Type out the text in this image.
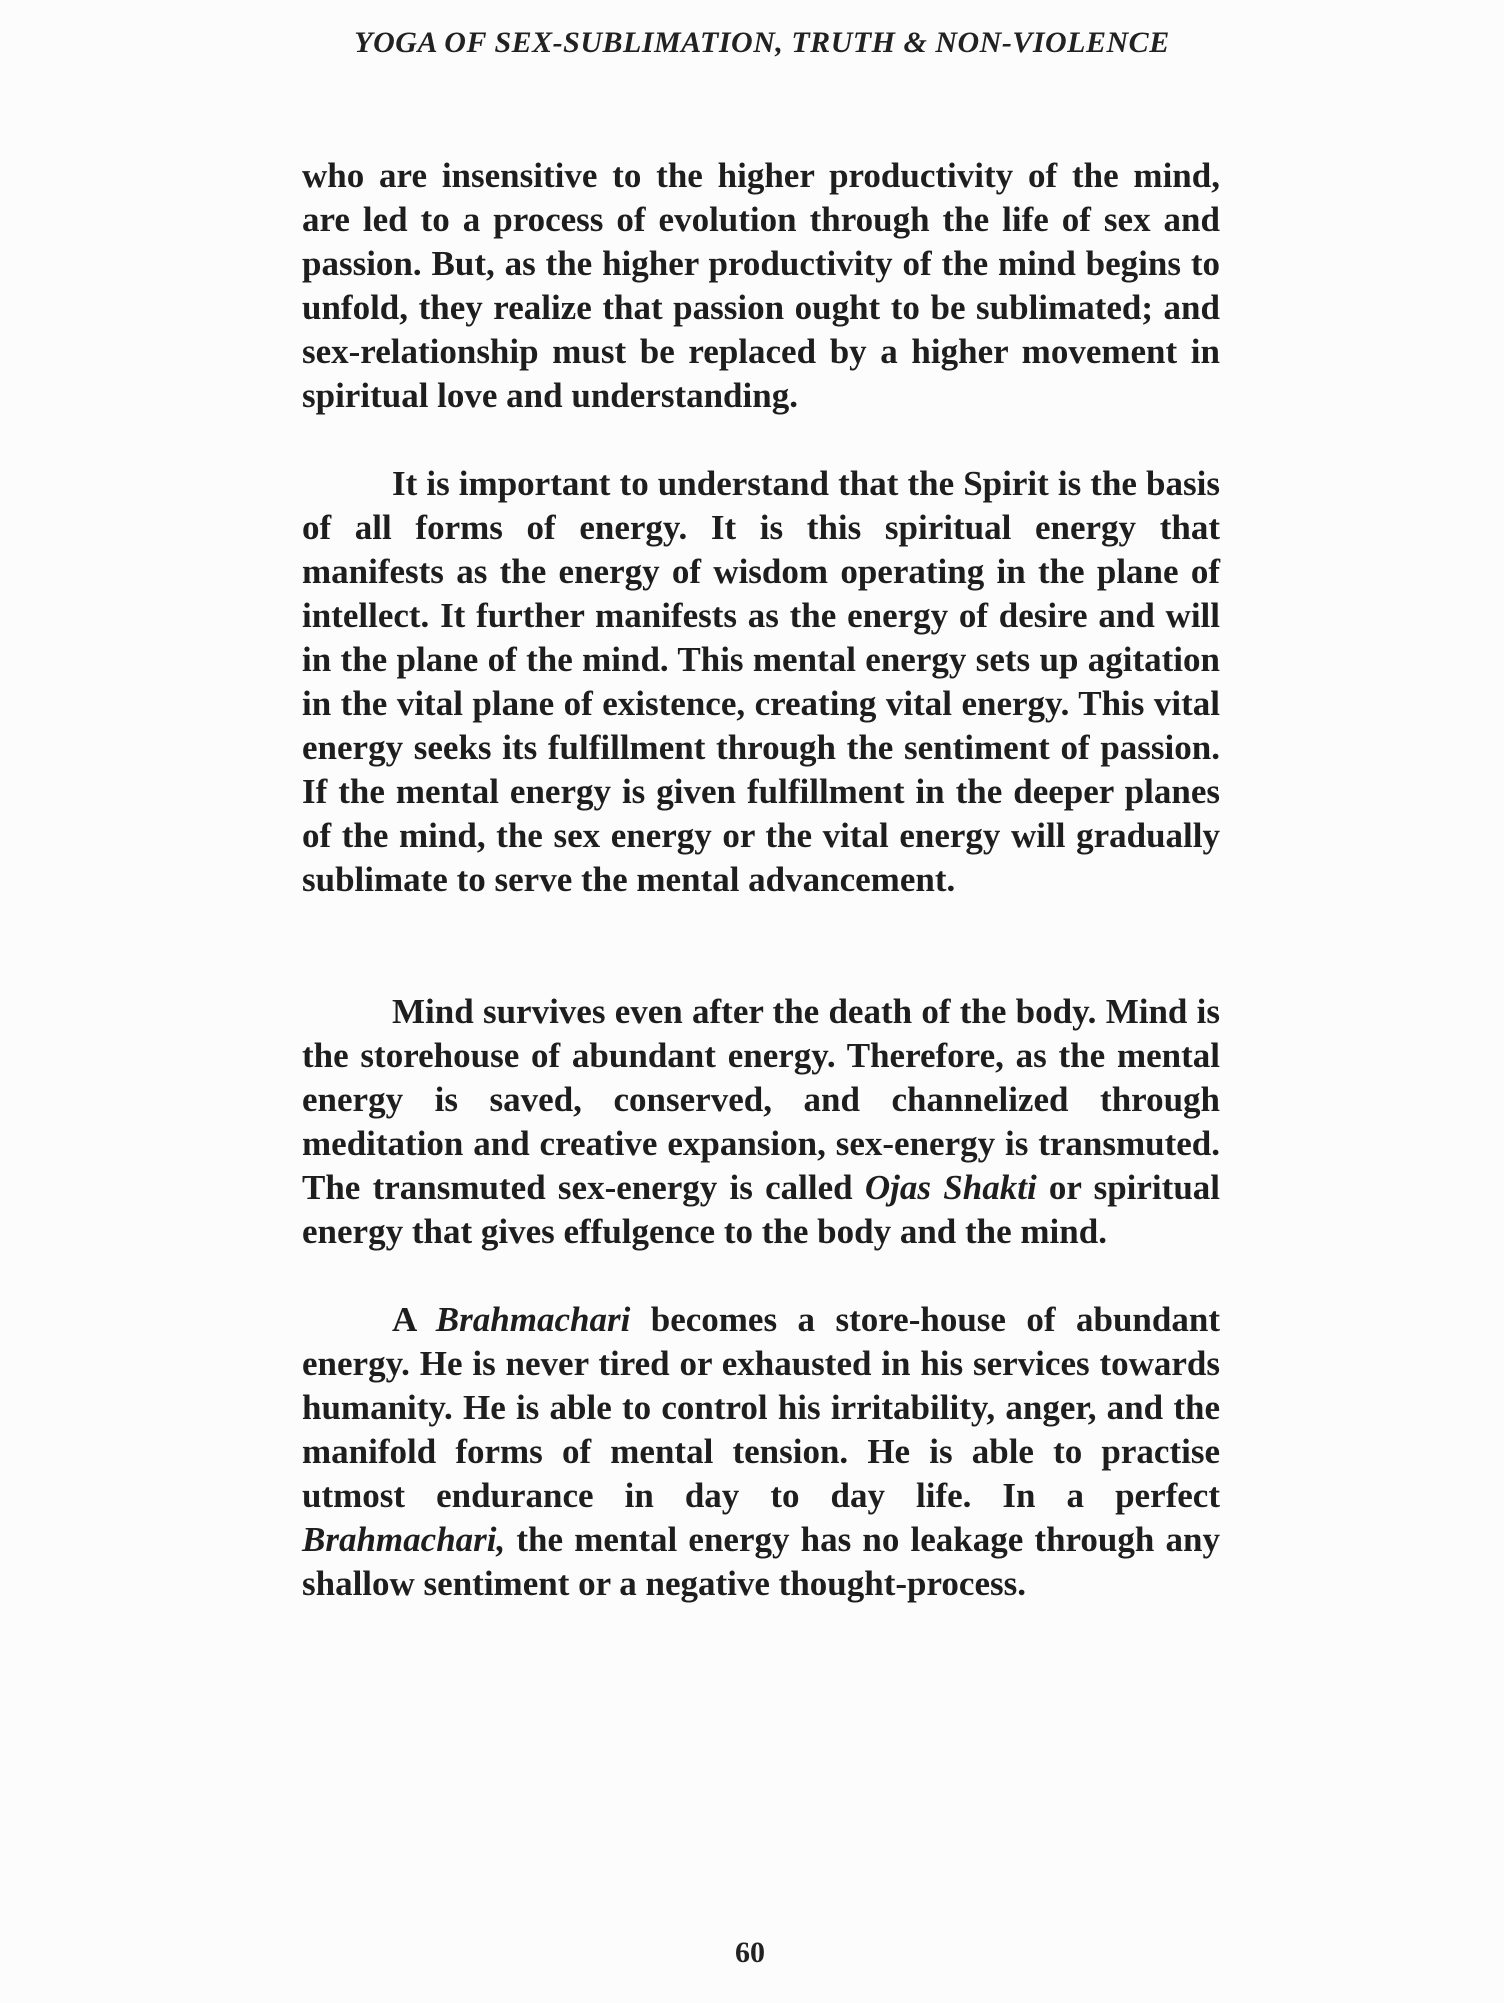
YOGA OF SEX-SUBLIMATION, TRUTH & NON-VIOLENCE

who are insensitive to the higher productivity of the mind, are led to a process of evolution through the life of sex and passion. But, as the higher productivity of the mind begins to unfold, they realize that passion ought to be sublimated; and sex-relationship must be replaced by a higher movement in spiritual love and understanding.

It is important to understand that the Spirit is the basis of all forms of energy. It is this spiritual energy that manifests as the energy of wisdom operating in the plane of intellect. It further manifests as the energy of desire and will in the plane of the mind. This mental energy sets up agitation in the vital plane of existence, creating vital energy. This vital energy seeks its fulfillment through the sentiment of passion. If the mental energy is given fulfillment in the deeper planes of the mind, the sex energy or the vital energy will gradually sublimate to serve the mental advancement.

Mind survives even after the death of the body. Mind is the storehouse of abundant energy. Therefore, as the mental energy is saved, conserved, and channelized through meditation and creative expansion, sex-energy is transmuted. The transmuted sex-energy is called Ojas Shakti or spiritual energy that gives effulgence to the body and the mind.

A Brahmachari becomes a store-house of abundant energy. He is never tired or exhausted in his services towards humanity. He is able to control his irritability, anger, and the manifold forms of mental tension. He is able to practise utmost endurance in day to day life. In a perfect Brahmachari, the mental energy has no leakage through any shallow sentiment or a negative thought-process.

60
